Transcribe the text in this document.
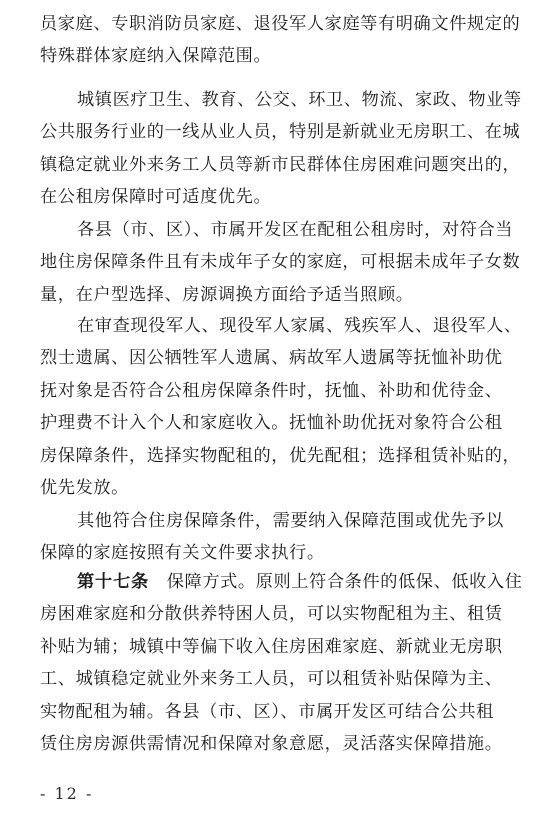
员家庭、专职消防员家庭、退役军人家庭等有明确文件规定的
特殊群体家庭纳入保障范围。

城镇医疗卫生、教育、公交、环卫、物流、家政、物业等
公共服务行业的一线从业人员，特别是新就业无房职工、在城
镇稳定就业外来务工人员等新市民群体住房困难问题突出的，
在公租房保障时可适度优先。

各县（市、区）、市属开发区在配租公租房时，对符合当
地住房保障条件且有未成年子女的家庭，可根据未成年子女数
量，在户型选择、房源调换方面给予适当照顾。

在审查现役军人、现役军人家属、残疾军人、退役军人、
烈士遗属、因公牺牲军人遗属、病故军人遗属等抚恤补助优
抚对象是否符合公租房保障条件时，抚恤、补助和优待金、
护理费不计入个人和家庭收入。抚恤补助优抚对象符合公租
房保障条件，选择实物配租的，优先配租；选择租赁补贴的，
优先发放。

其他符合住房保障条件，需要纳入保障范围或优先予以
保障的家庭按照有关文件要求执行。

第十七条  保障方式。原则上符合条件的低保、低收入住
房困难家庭和分散供养特困人员，可以实物配租为主、租赁
补贴为辅；城镇中等偏下收入住房困难家庭、新就业无房职
工、城镇稳定就业外来务工人员，可以租赁补贴保障为主、
实物配租为辅。各县（市、区）、市属开发区可结合公共租
赁住房房源供需情况和保障对象意愿，灵活落实保障措施。

- 12 -
